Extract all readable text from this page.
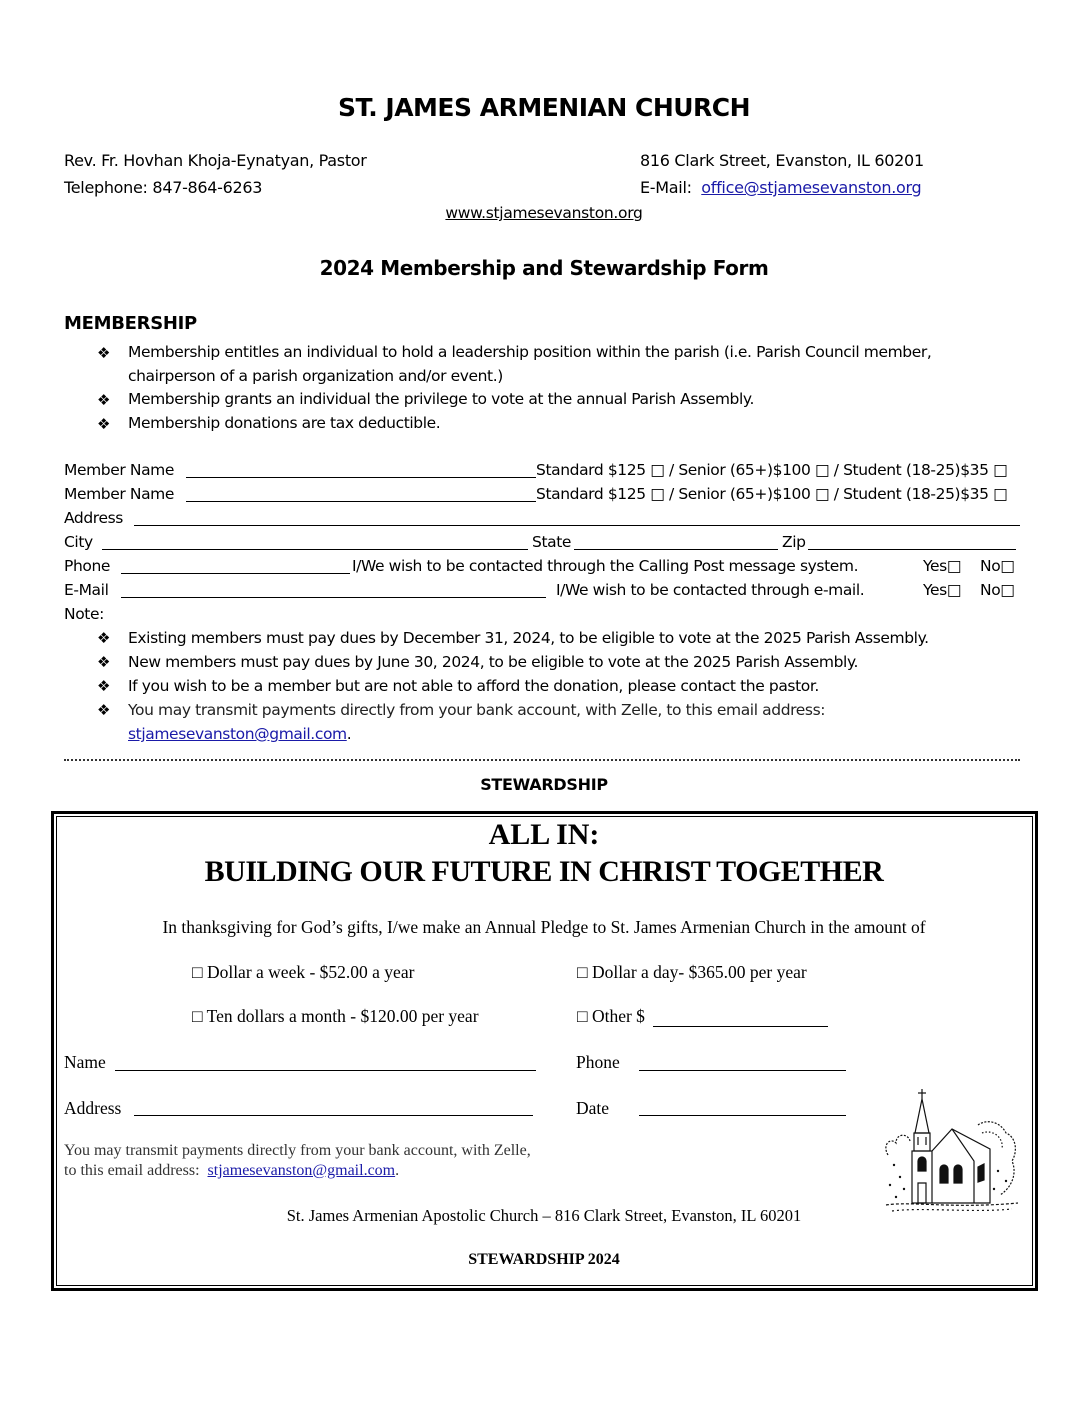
ST. JAMES ARMENIAN CHURCH
Rev. Fr. Hovhan Khoja-Eynatyan, Pastor	816 Clark Street, Evanston, IL 60201
Telephone: 847-864-6263	E-Mail: office@stjamesevanston.org
www.stjamesevanston.org
2024 Membership and Stewardship Form
MEMBERSHIP
❖ Membership entitles an individual to hold a leadership position within the parish (i.e. Parish Council member,
chairperson of a parish organization and/or event.)
❖ Membership grants an individual the privilege to vote at the annual Parish Assembly.
❖ Membership donations are tax deductible.
Member Name	Standard $125 □ / Senior (65+)$100 □ / Student (18-25)$35 □
Member Name	Standard $125 □ / Senior (65+)$100 □ / Student (18-25)$35 □
Address
City	State	Zip
Phone	I/We wish to be contacted through the Calling Post message system.	Yes□ No□
E-Mail	I/We wish to be contacted through e-mail.	Yes□ No□
Note:
❖ Existing members must pay dues by December 31, 2024, to be eligible to vote at the 2025 Parish Assembly.
❖ New members must pay dues by June 30, 2024, to be eligible to vote at the 2025 Parish Assembly.
❖ If you wish to be a member but are not able to afford the donation, please contact the pastor.
❖ You may transmit payments directly from your bank account, with Zelle, to this email address:
stjamesevanston@gmail.com.
STEWARDSHIP
ALL IN:
BUILDING OUR FUTURE IN CHRIST TOGETHER
In thanksgiving for God’s gifts, I/we make an Annual Pledge to St. James Armenian Church in the amount of
□ Dollar a week - $52.00 a year	□ Dollar a day- $365.00 per year
□ Ten dollars a month - $120.00 per year	□ Other $
Name	Phone
Address	Date
You may transmit payments directly from your bank account, with Zelle,
to this email address: stjamesevanston@gmail.com.
St. James Armenian Apostolic Church – 816 Clark Street, Evanston, IL 60201
STEWARDSHIP 2024
